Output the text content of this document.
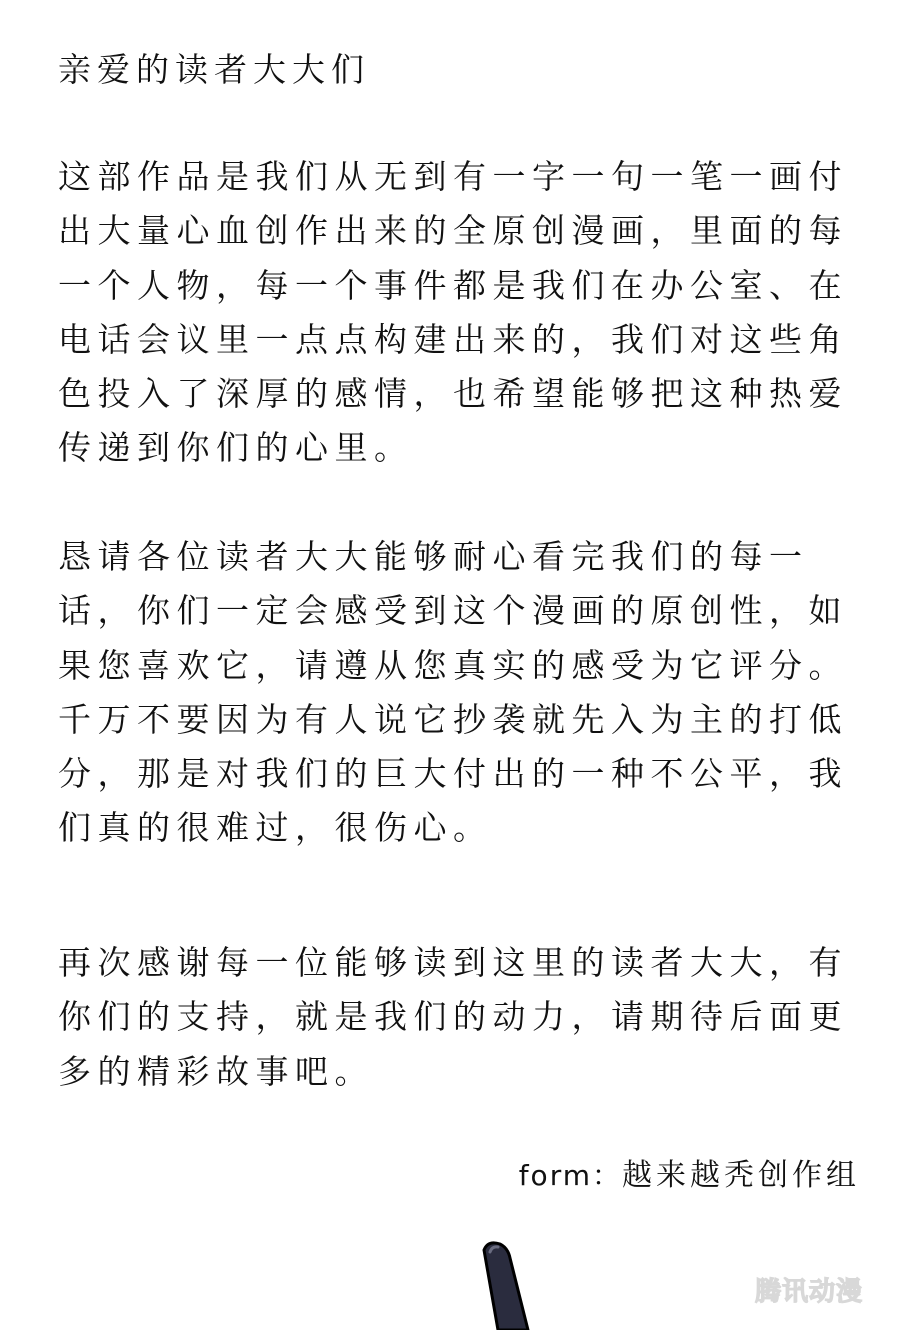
亲爱的读者大大们

这部作品是我们从无到有一字一句一笔一画付出大量心血创作出来的全原创漫画，里面的每一个人物，每一个事件都是我们在办公室、在电话会议里一点点构建出来的，我们对这些角色投入了深厚的感情，也希望能够把这种热爱传递到你们的心里。

恳请各位读者大大能够耐心看完我们的每一话，你们一定会感受到这个漫画的原创性，如果您喜欢它，请遵从您真实的感受为它评分。千万不要因为有人说它抄袭就先入为主的打低分，那是对我们的巨大付出的一种不公平，我们真的很难过，很伤心。

再次感谢每一位能够读到这里的读者大大，有你们的支持，就是我们的动力，请期待后面更多的精彩故事吧。

form：越来越秃创作组

腾讯动漫
